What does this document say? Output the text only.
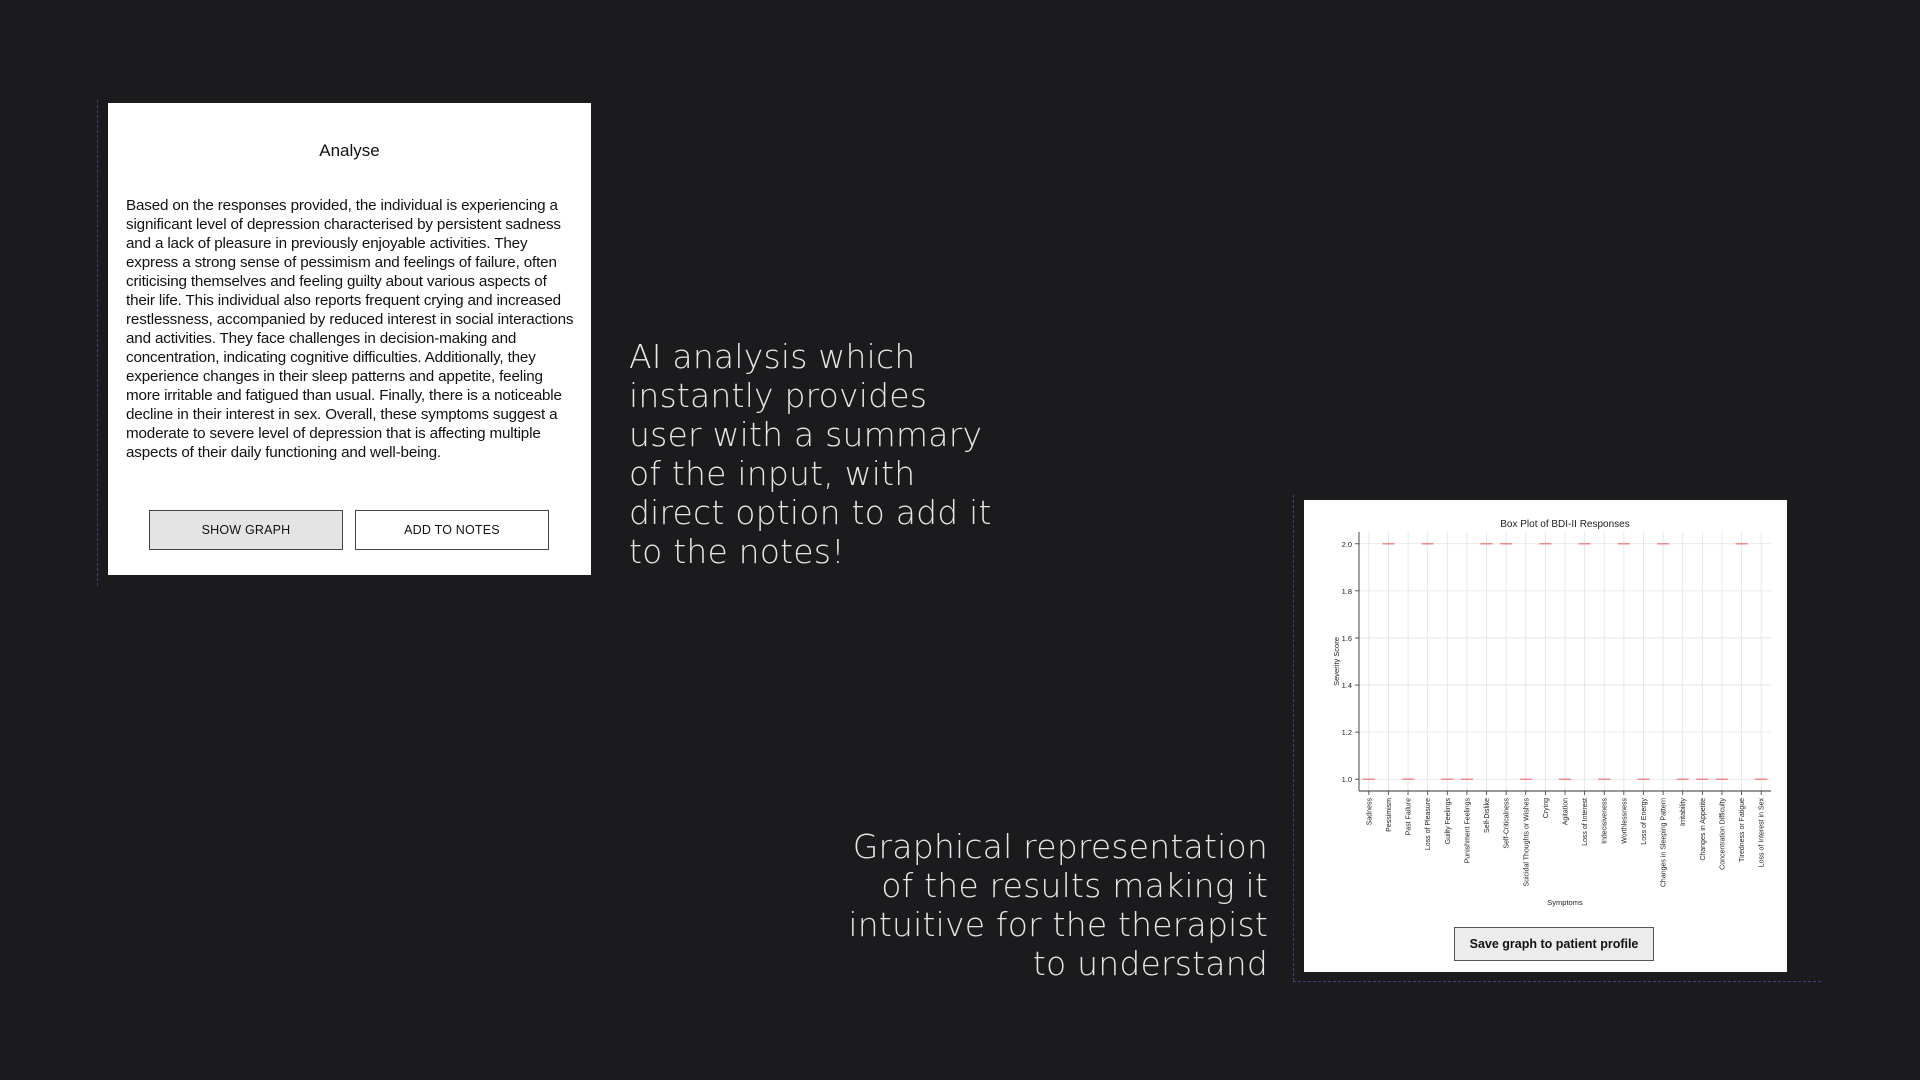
Analyse
Based on the responses provided, the individual is experiencing a significant level of depression characterised by persistent sadness and a lack of pleasure in previously enjoyable activities. They express a strong sense of pessimism and feelings of failure, often criticising themselves and feeling guilty about various aspects of their life. This individual also reports frequent crying and increased restlessness, accompanied by reduced interest in social interactions and activities. They face challenges in decision-making and concentration, indicating cognitive difficulties. Additionally, they experience changes in their sleep patterns and appetite, feeling more irritable and fatigued than usual. Finally, there is a noticeable decline in their interest in sex. Overall, these symptoms suggest a moderate to severe level of depression that is affecting multiple aspects of their daily functioning and well-being.
SHOW GRAPH	ADD TO NOTES
AI analysis which instantly provides user with a summary of the input, with direct option to add it to the notes!
Graphical representation of the results making it intuitive for the therapist to understand
Box Plot of BDI-II Responses
1.0
1.2
1.4
1.6
1.8
2.0
Sadness Pessimism Past Failure Loss of Pleasure Guilty Feelings Punishment Feelings Self-Dislike Self-Criticalness Suicidal Thoughts or Wishes Crying Agitation Loss of Interest Indecisiveness Worthlessness Loss of Energy Changes in Sleeping Pattern Irritability Changes in Appetite Concentration Difficulty Tiredness or Fatigue Loss of Interest in Sex
Symptoms
Severity Score
Save graph to patient profile
